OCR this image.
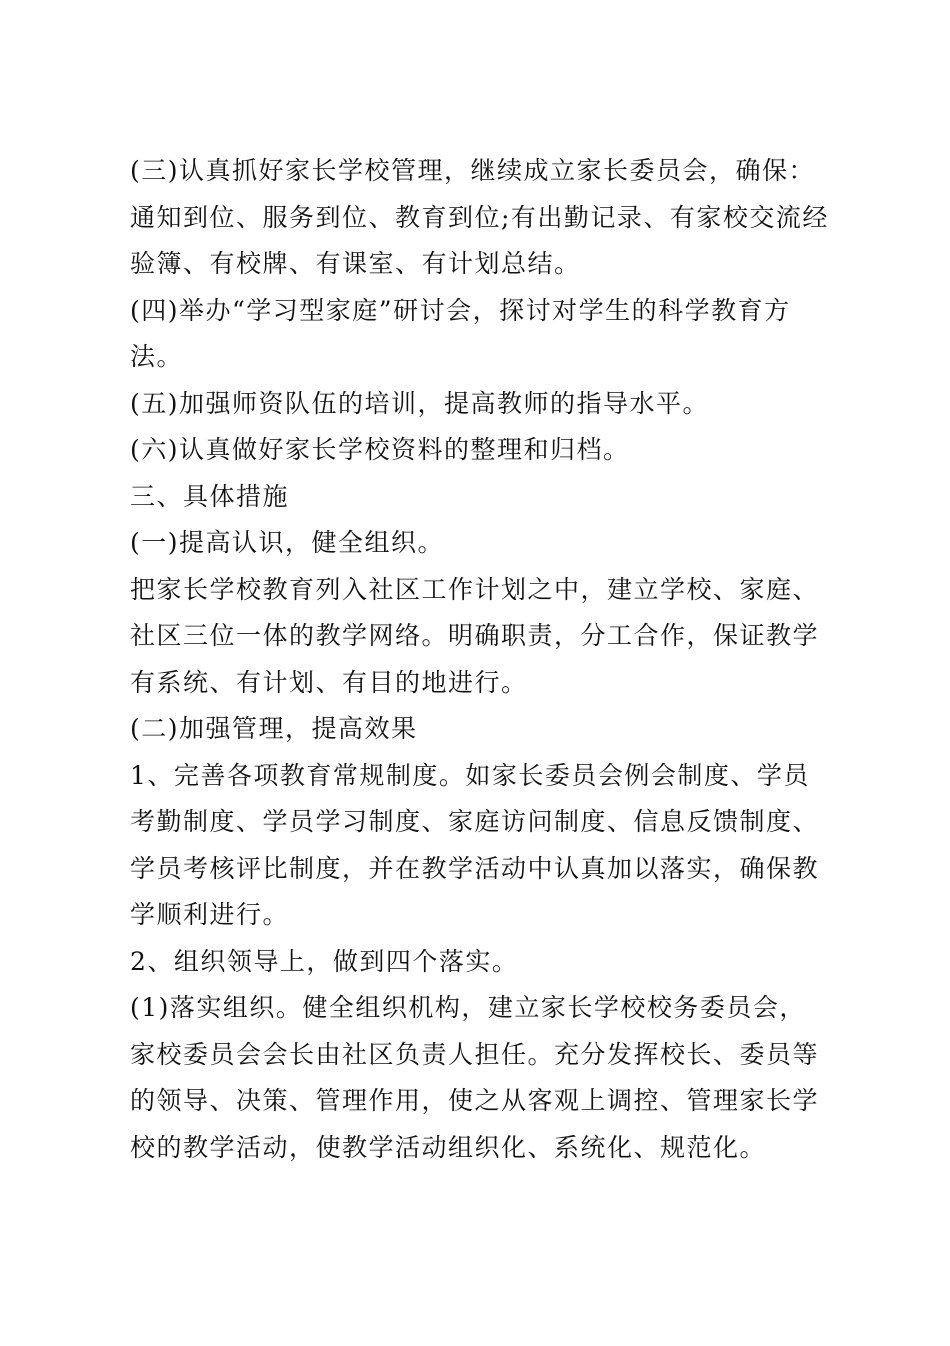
(三)认真抓好家长学校管理，继续成立家长委员会，确保：通知到位、服务到位、教育到位;有出勤记录、有家校交流经验簿、有校牌、有课室、有计划总结。

(四)举办“学习型家庭”研讨会，探讨对学生的科学教育方法。

(五)加强师资队伍的培训，提高教师的指导水平。

(六)认真做好家长学校资料的整理和归档。

三、具体措施

(一)提高认识，健全组织。

把家长学校教育列入社区工作计划之中，建立学校、家庭、社区三位一体的教学网络。明确职责，分工合作，保证教学有系统、有计划、有目的地进行。

(二)加强管理，提高效果

1、完善各项教育常规制度。如家长委员会例会制度、学员考勤制度、学员学习制度、家庭访问制度、信息反馈制度、学员考核评比制度，并在教学活动中认真加以落实，确保教学顺利进行。

2、组织领导上，做到四个落实。

(1)落实组织。健全组织机构，建立家长学校校务委员会，家校委员会会长由社区负责人担任。充分发挥校长、委员等的领导、决策、管理作用，使之从客观上调控、管理家长学校的教学活动，使教学活动组织化、系统化、规范化。
